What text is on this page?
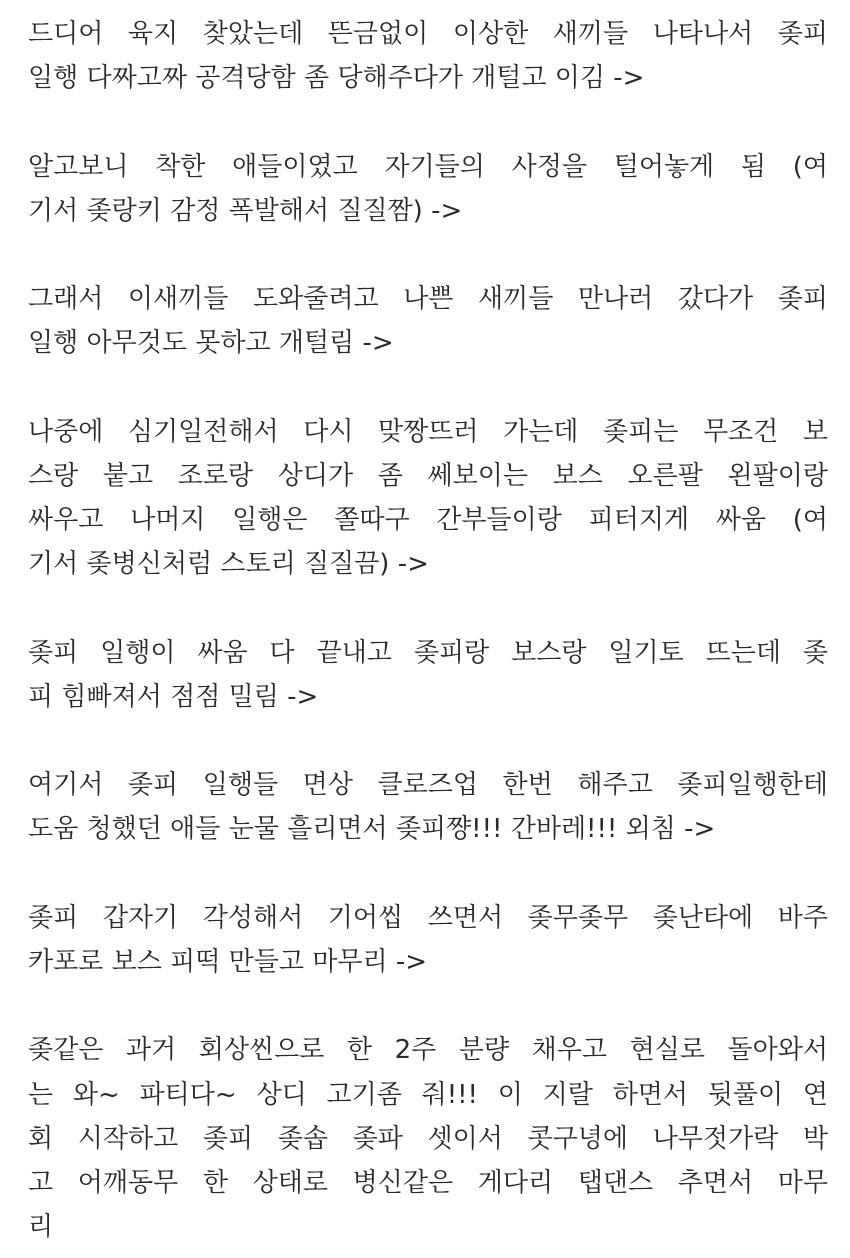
드디어 육지 찾았는데 뜬금없이 이상한 새끼들 나타나서 좆피
일행 다짜고짜 공격당함 좀 당해주다가 개털고 이김 ->
알고보니 착한 애들이였고 자기들의 사정을 털어놓게 됨 (여
기서 좆랑키 감정 폭발해서 질질짬) ->
그래서 이새끼들 도와줄려고 나쁜 새끼들 만나러 갔다가 좆피
일행 아무것도 못하고 개털림 ->
나중에 심기일전해서 다시 맞짱뜨러 가는데 좆피는 무조건 보
스랑 붙고 조로랑 상디가 좀 쎄보이는 보스 오른팔 왼팔이랑
싸우고 나머지 일행은 쫄따구 간부들이랑 피터지게 싸움 (여
기서 좆병신처럼 스토리 질질끔) ->
좆피 일행이 싸움 다 끝내고 좆피랑 보스랑 일기토 뜨는데 좆
피 힘빠져서 점점 밀림 ->
여기서 좆피 일행들 면상 클로즈업 한번 해주고 좆피일행한테
도움 청했던 애들 눈물 흘리면서 좆피쨩!!! 간바레!!! 외침 ->
좆피 갑자기 각성해서 기어씹 쓰면서 좆무좆무 좆난타에 바주
카포로 보스 피떡 만들고 마무리 ->
좆같은 과거 회상씬으로 한 2주 분량 채우고 현실로 돌아와서
는 와~ 파티다~ 상디 고기좀 줘!!! 이 지랄 하면서 뒷풀이 연
회 시작하고 좆피 좆솝 좆파 셋이서 콧구녕에 나무젓가락 박
고 어깨동무 한 상태로 병신같은 게다리 탭댄스 추면서 마무
리
